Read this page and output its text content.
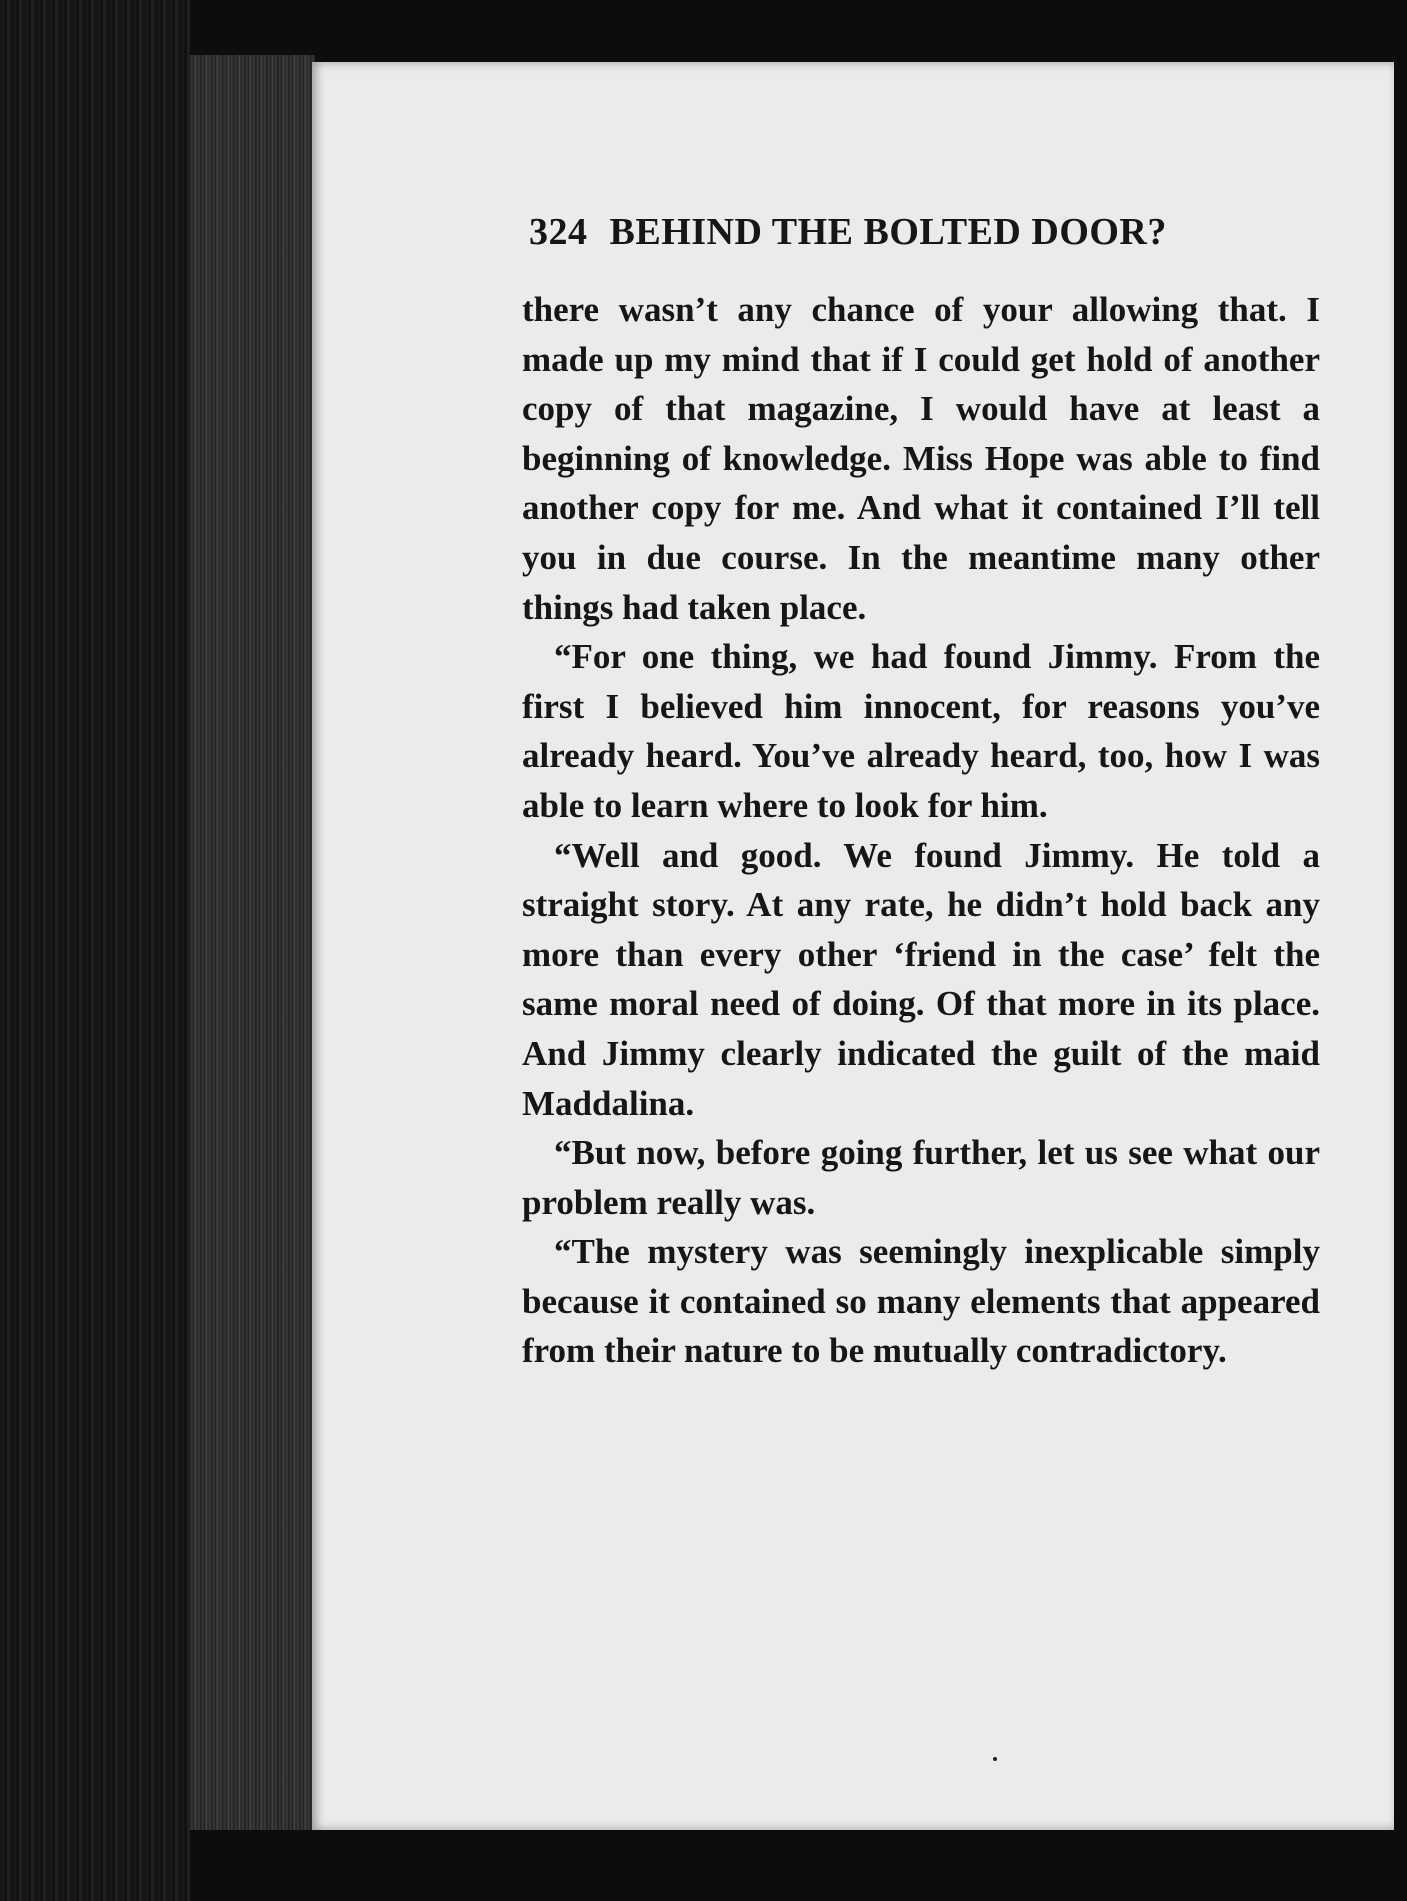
324 BEHIND THE BOLTED DOOR?

there wasn’t any chance of your allowing that. I made up my mind that if I could get hold of another copy of that magazine, I would have at least a beginning of knowledge. Miss Hope was able to find another copy for me. And what it contained I’ll tell you in due course. In the meantime many other things had taken place.

“For one thing, we had found Jimmy. From the first I believed him innocent, for reasons you’ve already heard. You’ve already heard, too, how I was able to learn where to look for him.

“Well and good. We found Jimmy. He told a straight story. At any rate, he didn’t hold back any more than every other ‘friend in the case’ felt the same moral need of doing. Of that more in its place. And Jimmy clearly indicated the guilt of the maid Maddalina.

“But now, before going further, let us see what our problem really was.

“The mystery was seemingly inexplicable simply because it contained so many elements that appeared from their nature to be mutually contradictory.
